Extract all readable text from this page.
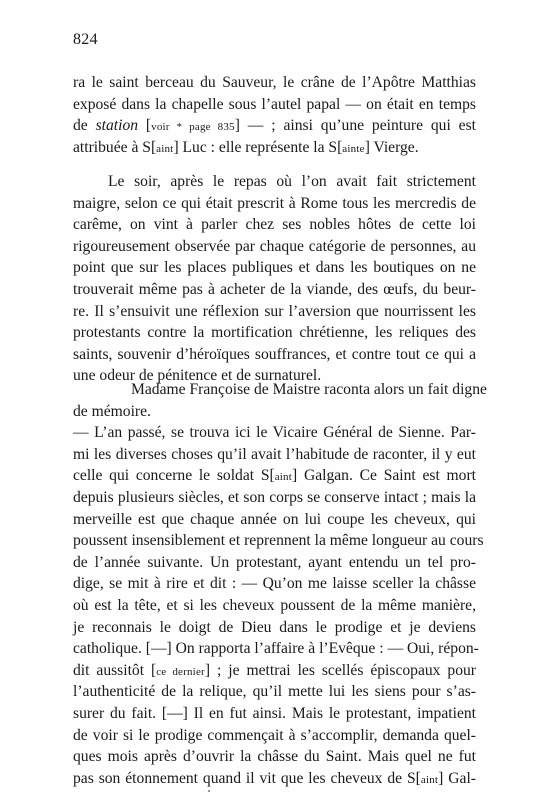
824
ra le saint berceau du Sauveur, le crâne de l’Apôtre Matthias
exposé dans la chapelle sous l’autel papal — on était en temps
de station [voir * page 835] — ; ainsi qu’une peinture qui est
attribuée à S[aint] Luc : elle représente la S[ainte] Vierge.
Le soir, après le repas où l’on avait fait strictement
maigre, selon ce qui était prescrit à Rome tous les mercredis de
carême, on vint à parler chez ses nobles hôtes de cette loi
rigoureusement observée par chaque catégorie de personnes, au
point que sur les places publiques et dans les boutiques on ne
trouverait même pas à acheter de la viande, des œufs, du beur-
re. Il s’ensuivit une réflexion sur l’aversion que nourrissent les
protestants contre la mortification chrétienne, les reliques des
saints, souvenir d’héroïques souffrances, et contre tout ce qui a
une odeur de pénitence et de surnaturel.
Madame Françoise de Maistre raconta alors un fait digne
de mémoire.
— L’an passé, se trouva ici le Vicaire Général de Sienne. Par-
mi les diverses choses qu’il avait l’habitude de raconter, il y eut
celle qui concerne le soldat S[aint] Galgan. Ce Saint est mort
depuis plusieurs siècles, et son corps se conserve intact ; mais la
merveille est que chaque année on lui coupe les cheveux, qui
poussent insensiblement et reprennent la même longueur au cours
de l’année suivante. Un protestant, ayant entendu un tel pro-
dige, se mit à rire et dit : — Qu’on me laisse sceller la châsse
où est la tête, et si les cheveux poussent de la même manière,
je reconnais le doigt de Dieu dans le prodige et je deviens
catholique. [—] On rapporta l’affaire à l’Evêque : — Oui, répon-
dit aussitôt [ce dernier] ; je mettrai les scellés épiscopaux pour
l’authenticité de la relique, qu’il mette lui les siens pour s’as-
surer du fait. [—] Il en fut ainsi. Mais le protestant, impatient
de voir si le prodige commençait à s’accomplir, demanda quel-
ques mois après d’ouvrir la châsse du Saint. Mais quel ne fut
pas son étonnement quand il vit que les cheveux de S[aint] Gal-
